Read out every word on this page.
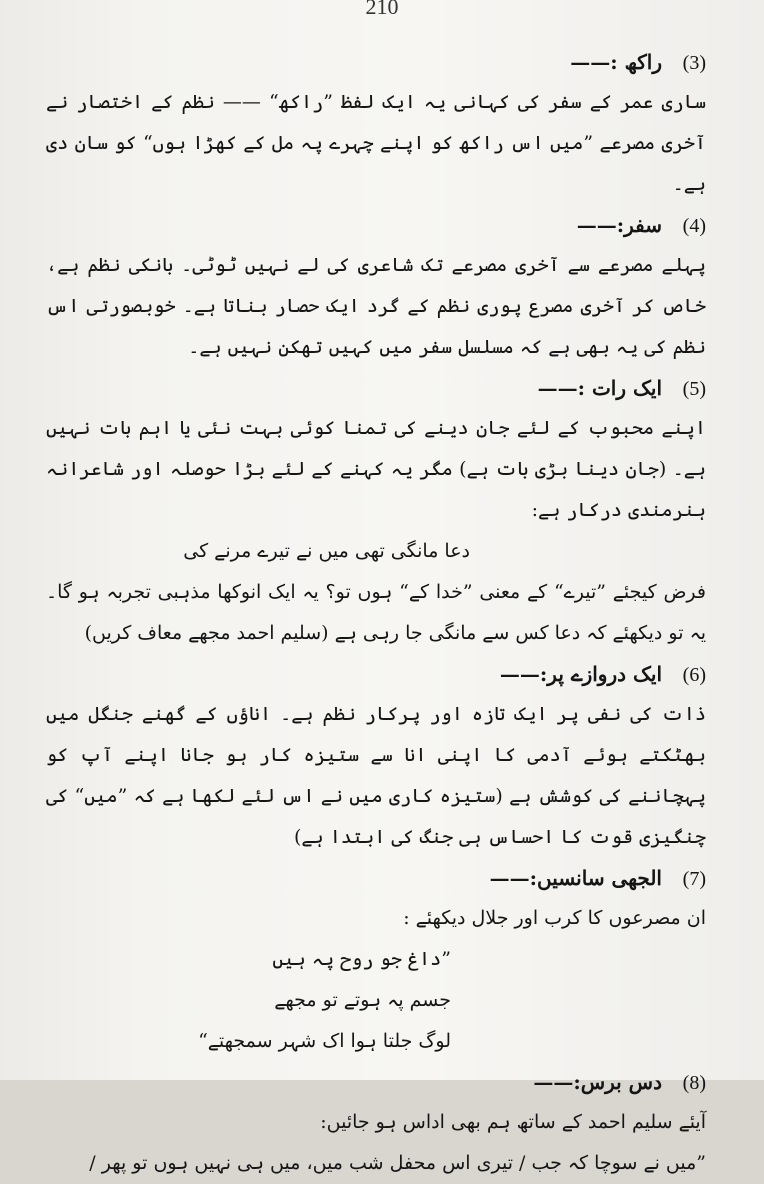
210
(3)
راکھ :——

ساری عمر کے سفر کی کہانی یہ ایک لفظ ”راکھ“ —— نظم کے اختصار نے آخری مصرعے ”میں اس راکھ کو اپنے چہرے پہ مل کے کھڑا ہوں“ کو سان دی ہے۔

(4)
سفر:——

پہلے مصرعے سے آخری مصرعے تک شاعری کی لے نہیں ٹوٹی۔ بانکی نظم ہے، خاص کر آخری مصرع پوری نظم کے گرد ایک حصار بناتا ہے۔ خوبصورتی اس نظم کی یہ بھی ہے کہ مسلسل سفر میں کہیں تھکن نہیں ہے۔

(5)
ایک رات :——

اپنے محبوب کے لئے جان دینے کی تمنا کوئی بہت نئی یا اہم بات نہیں ہے۔ (جان دینا بڑی بات ہے) مگر یہ کہنے کے لئے بڑا حوصلہ اور شاعرانہ ہنرمندی درکار ہے:

دعا مانگی تھی میں نے تیرے مرنے کی

فرض کیجئے ”تیرے“ کے معنی ”خدا کے“ ہوں تو؟ یہ ایک انوکھا مذہبی تجربہ ہو گا۔ یہ تو دیکھئے کہ دعا کس سے مانگی جا رہی ہے (سلیم احمد مجھے معاف کریں)

(6)
ایک دروازے پر:——

ذات کی نفی پر ایک تازہ اور پرکار نظم ہے۔ اناؤں کے گھنے جنگل میں بھٹکتے ہوئے آدمی کا اپنی انا سے ستیزہ کار ہو جانا اپنے آپ کو پہچاننے کی کوشش ہے (ستیزہ کاری میں نے اس لئے لکھا ہے کہ ”میں“ کی چنگیزی قوت کا احساس ہی جنگ کی ابتدا ہے)

(7)
الجھی سانسیں:——
ان مصرعوں کا کرب اور جلال دیکھئے :
”داغ جو روح پہ ہیں
جسم پہ ہوتے تو مجھے
لوگ جلتا ہوا اک شہر سمجھتے“
(8)
دس برس:——
آیئے سلیم احمد کے ساتھ ہم بھی اداس ہو جائیں:
”میں نے سوچا کہ جب / تیری اس محفل شب میں، میں ہی نہیں ہوں تو پھر /
